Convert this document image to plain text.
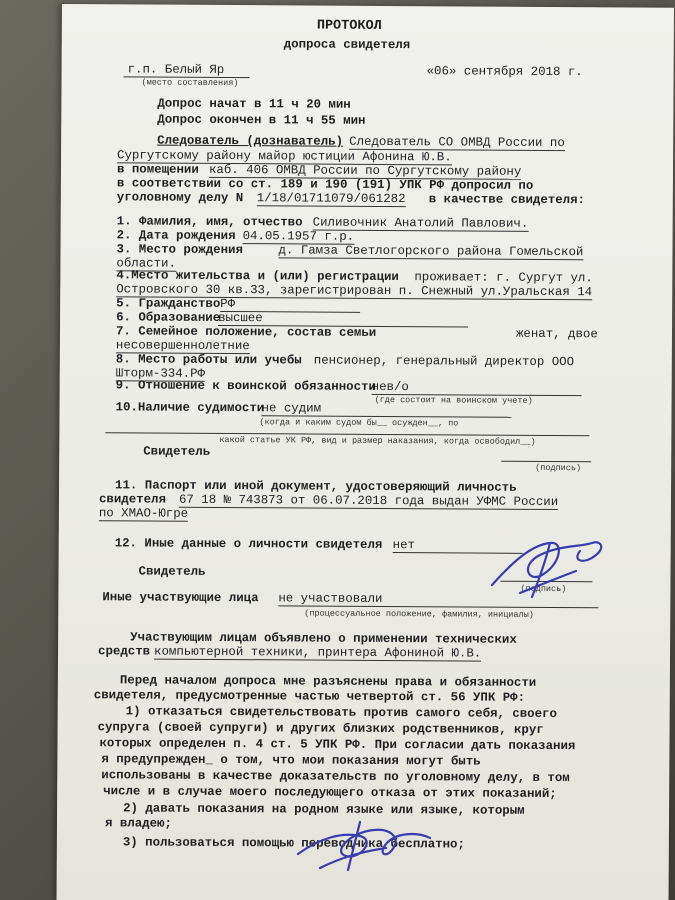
ПРОТОКОЛ
допроса свидетеля
г.п. Белый Яр
(место составления)
«06» сентября 2018 г.
Допрос начат в 11 ч 20 мин
Допрос окончен в 11 ч 55 мин
Следователь (дознаватель) Следователь СО ОМВД России по
Сургутскому району майор юстиции Афонина Ю.В.
в помещении каб. 406 ОМВД России по Сургутскому району
в соответствии со ст. 189 и 190 (191) УПК РФ допросил по
уголовному делу N 1/18/01711079/061282 в качестве свидетеля:
1. Фамилия, имя, отчество Силивочник Анатолий Павлович.
2. Дата рождения 04.05.1957 г.р.
3. Место рождения	д. Гамза Светлогорского района Гомельской
области.
4.Место жительства и (или) регистрации проживает: г. Сургут ул.
Островского 30 кв.33, зарегистрирован п. Снежный ул.Уральская 14
5. Гражданство РФ
6. Образование
высшее
7. Семейное положение, состав семьи	женат, двое
несовершеннолетние
8. Место работы или учебы пенсионер, генеральный директор ООО
Шторм-334.РФ
9. Отношение к воинской обязанности
нев/о
(где состоит на воинском учете)
10.Наличие судимости
не судим
(когда и каким судом бы__ осужден__, по
какой статье УК РФ, вид и размер наказания, когда освободил__)
Свидетель
(подпись)
11. Паспорт или иной документ, удостоверяющий личность
свидетеля 67 18 № 743873 от 06.07.2018 года выдан УФМС России
по ХМАО-Югре
12. Иные данные о личности свидетеля нет
Свидетель
(подпись)
Иные участвующие лица не участвовали
(процессуальное положение, фамилия, инициалы)
Участвующим лицам объявлено о применении технических
средств компьютерной техники, принтера Афониной Ю.В.
Перед началом допроса мне разъяснены права и обязанности
свидетеля, предусмотренные частью четвертой ст. 56 УПК РФ:
1) отказаться свидетельствовать против самого себя, своего
супруга (своей супруги) и других близких родственников, круг
которых определен п. 4 ст. 5 УПК РФ. При согласии дать показания
я предупрежден_ о том, что мои показания могут быть
использованы в качестве доказательств по уголовному делу, в том
числе и в случае моего последующего отказа от этих показаний;
2) давать показания на родном языке или языке, которым
я владею;
3) пользоваться помощью переводчика бесплатно;
